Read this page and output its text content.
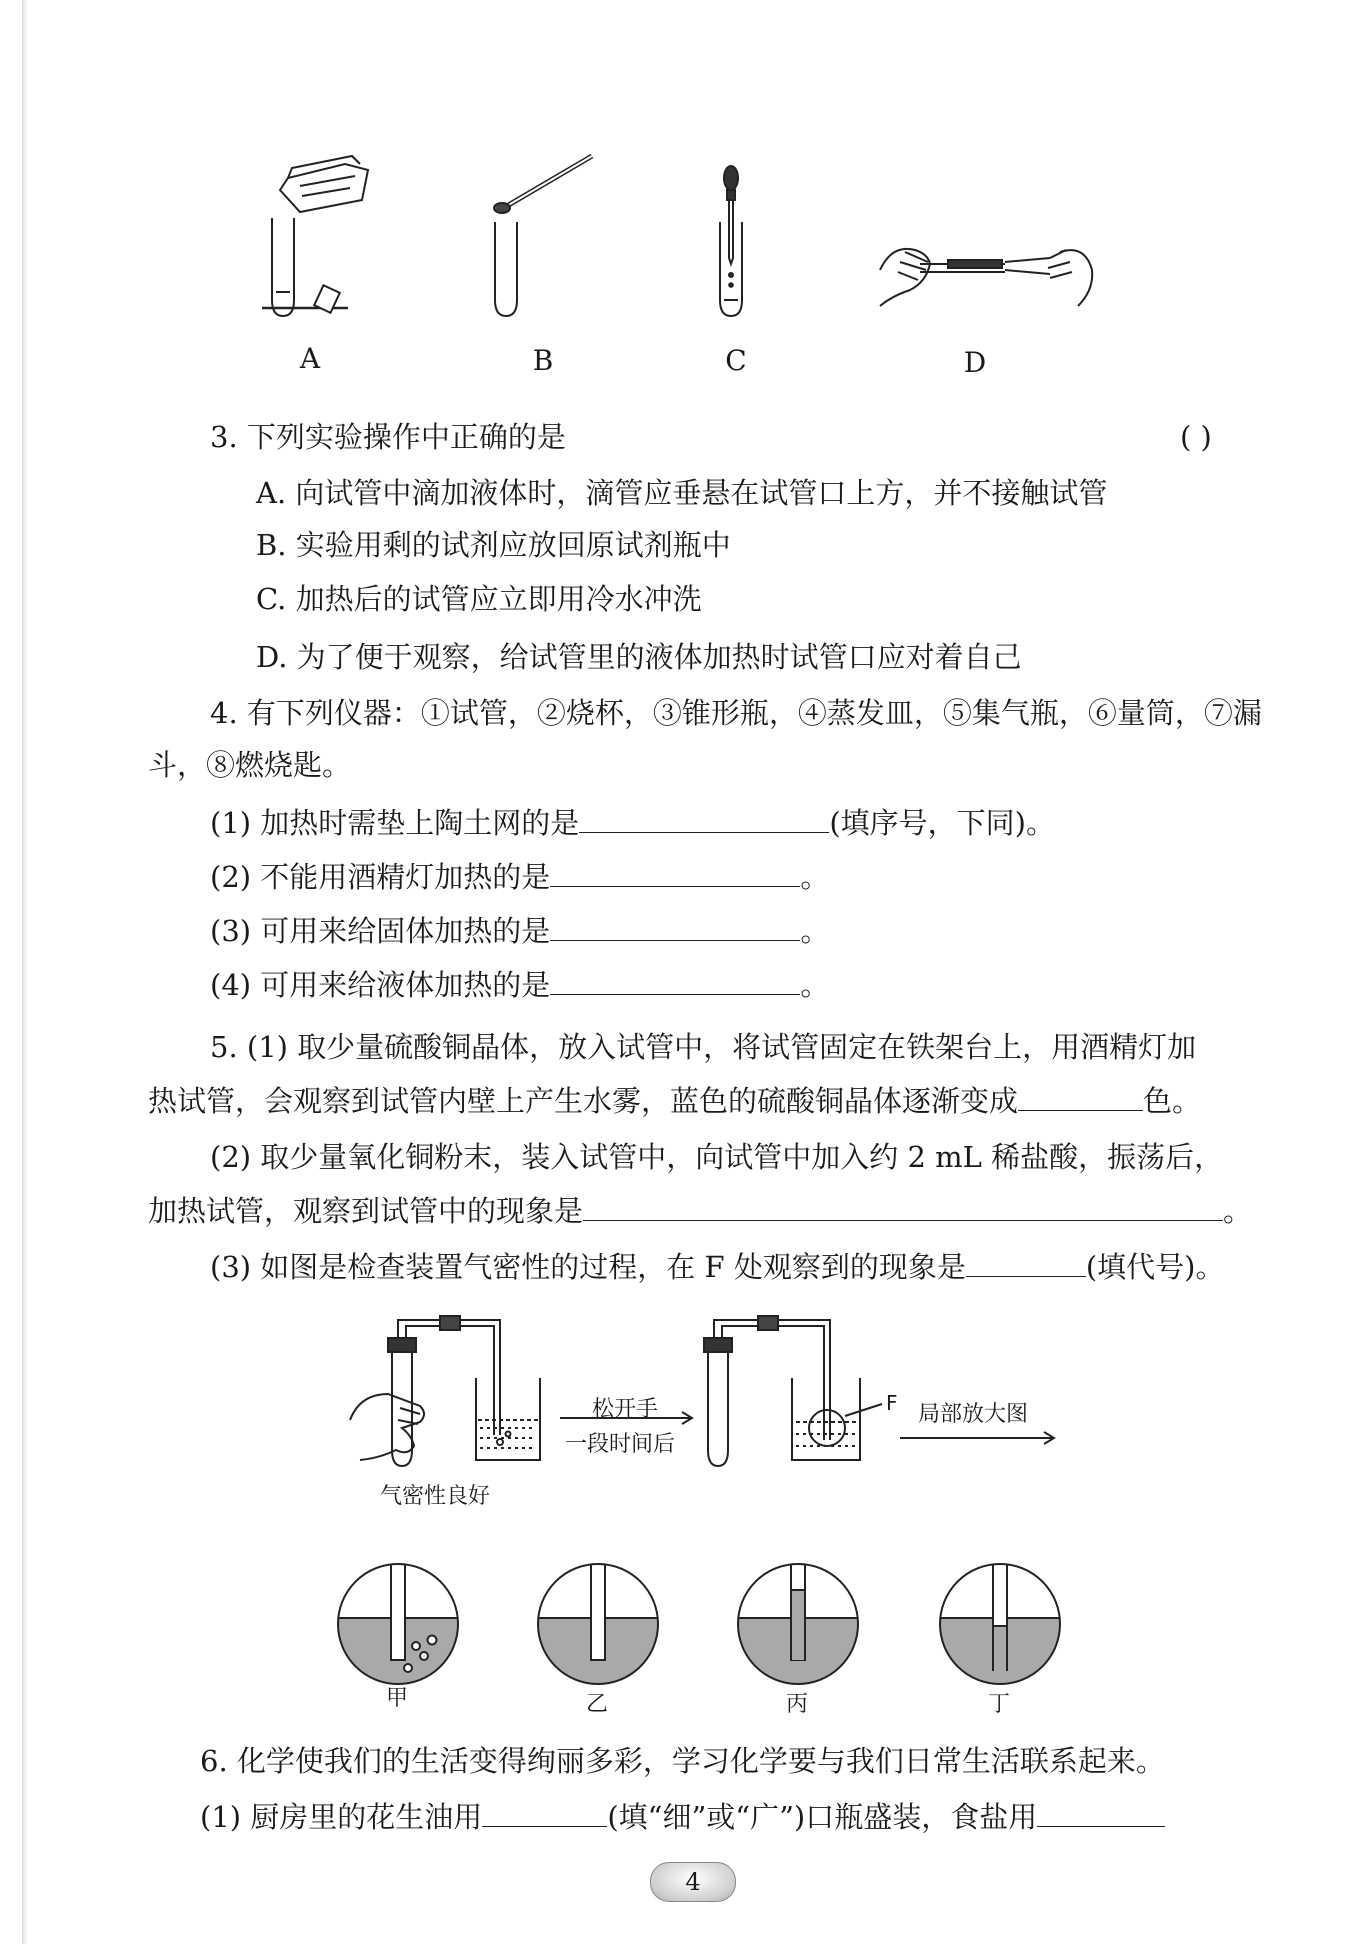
A	B	C	D
3. 下列实验操作中正确的是	( )
A. 向试管中滴加液体时，滴管应垂悬在试管口上方，并不接触试管
B. 实验用剩的试剂应放回原试剂瓶中
C. 加热后的试管应立即用冷水冲洗
D. 为了便于观察，给试管里的液体加热时试管口应对着自己
4. 有下列仪器：①试管，②烧杯，③锥形瓶，④蒸发皿，⑤集气瓶，⑥量筒，⑦漏
斗，⑧燃烧匙。
(1) 加热时需垫上陶土网的是	(填序号，下同)。
(2) 不能用酒精灯加热的是	。
(3) 可用来给固体加热的是	。
(4) 可用来给液体加热的是	。
5. (1) 取少量硫酸铜晶体，放入试管中，将试管固定在铁架台上，用酒精灯加
热试管，会观察到试管内壁上产生水雾，蓝色的硫酸铜晶体逐渐变成	色。
(2) 取少量氧化铜粉末，装入试管中，向试管中加入约 2 mL 稀盐酸，振荡后，
加热试管，观察到试管中的现象是	。
(3) 如图是检查装置气密性的过程，在 F 处观察到的现象是	(填代号)。
气密性良好
松开手
一段时间后
F 局部放大图
甲	乙	丙	丁
6. 化学使我们的生活变得绚丽多彩，学习化学要与我们日常生活联系起来。
(1) 厨房里的花生油用	(填“细”或“广”)口瓶盛装，食盐用
4
